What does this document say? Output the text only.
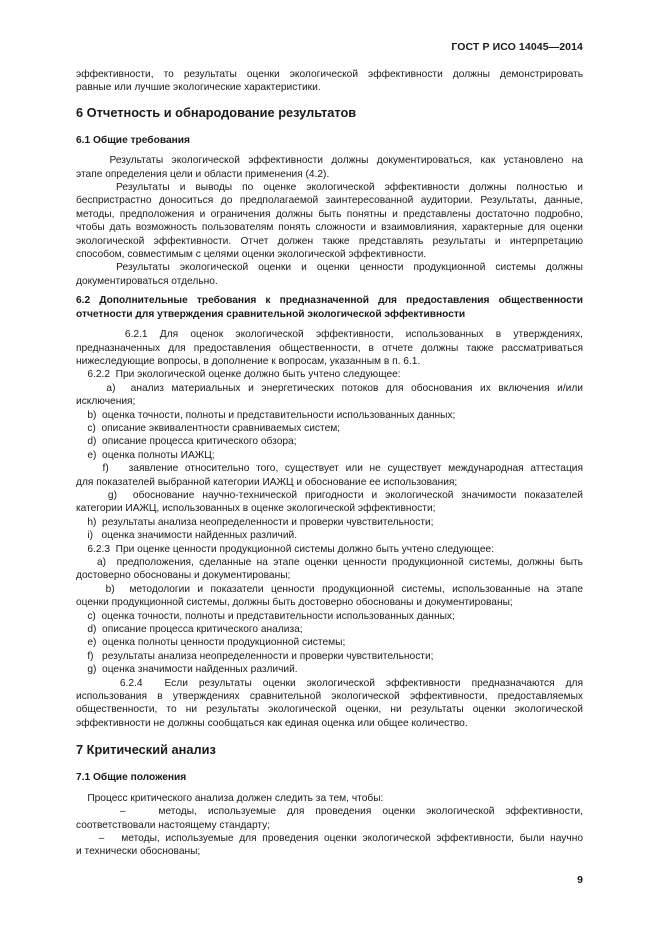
ГОСТ Р ИСО 14045—2014

эффективности, то результаты оценки экологической эффективности должны демонстрировать

равные или лучшие экологические характеристики.

6 Отчетность и обнародование результатов
6.1 Общие требования

Результаты экологической эффективности должны документироваться, как установлено на

этапе определения цели и области применения (4.2).

Результаты и выводы по оценке экологической эффективности должны полностью и

беспристрастно доноситься до предполагаемой заинтересованной аудитории. Результаты, данные,

методы, предположения и ограничения должны быть понятны и представлены достаточно подробно,

чтобы дать возможность пользователям понять сложности и взаимовлияния, характерные для оценки

экологической эффективности. Отчет должен также представлять результаты и интерпретацию

способом, совместимым с целями оценки экологической эффективности.

Результаты экологической оценки и оценки ценности продукционной системы должны

документироваться отдельно.

6.2 Дополнительные требования к предназначенной для предоставления общественности
отчетности для утверждения сравнительной экологической эффективности

6.2.1 Для оценок экологической эффективности, использованных в утверждениях,

предназначенных для предоставления общественности, в отчете должны также рассматриваться

нижеследующие вопросы, в дополнение к вопросам, указанным в п. 6.1.

6.2.2  При экологической оценке должно быть учтено следующее:

a)  анализ материальных и энергетических потоков для обоснования их включения и/или

исключения;

b)  оценка точности, полноты и представительности использованных данных;

c)  описание эквивалентности сравниваемых систем;

d)  описание процесса критического обзора;

e)  оценка полноты ИАЖЦ;

f)   заявление относительно того, существует или не существует международная аттестация

для показателей выбранной категории ИАЖЦ и обоснование ее использования;

g)  обоснование научно-технической пригодности и экологической значимости показателей

категории ИАЖЦ, использованных в оценке экологической эффективности;

h)  результаты анализа неопределенности и проверки чувствительности;

i)   оценка значимости найденных различий.

6.2.3  При оценке ценности продукционной системы должно быть учтено следующее:

a)  предположения, сделанные на этапе оценки ценности продукционной системы, должны быть

достоверно обоснованы и документированы;

b)  методологии и показатели ценности продукционной системы, использованные на этапе

оценки продукционной системы, должны быть достоверно обоснованы и документированы;

c)  оценка точности, полноты и представительности использованных данных;

d)  описание процесса критического анализа;

e)  оценка полноты ценности продукционной системы;

f)   результаты анализа неопределенности и проверки чувствительности;

g)  оценка значимости найденных различий.

6.2.4  Если результаты оценки экологической эффективности предназначаются для

использования в утверждениях сравнительной экологической эффективности, предоставляемых

общественности, то ни результаты экологической оценки, ни результаты оценки экологической

эффективности не должны сообщаться как единая оценка или общее количество.

7 Критический анализ
7.1 Общие положения

Процесс критического анализа должен следить за тем, чтобы:

–   методы, используемые для проведения оценки экологической эффективности,

соответствовали настоящему стандарту;

–   методы, используемые для проведения оценки экологической эффективности, были научно

и технически обоснованы;

9
